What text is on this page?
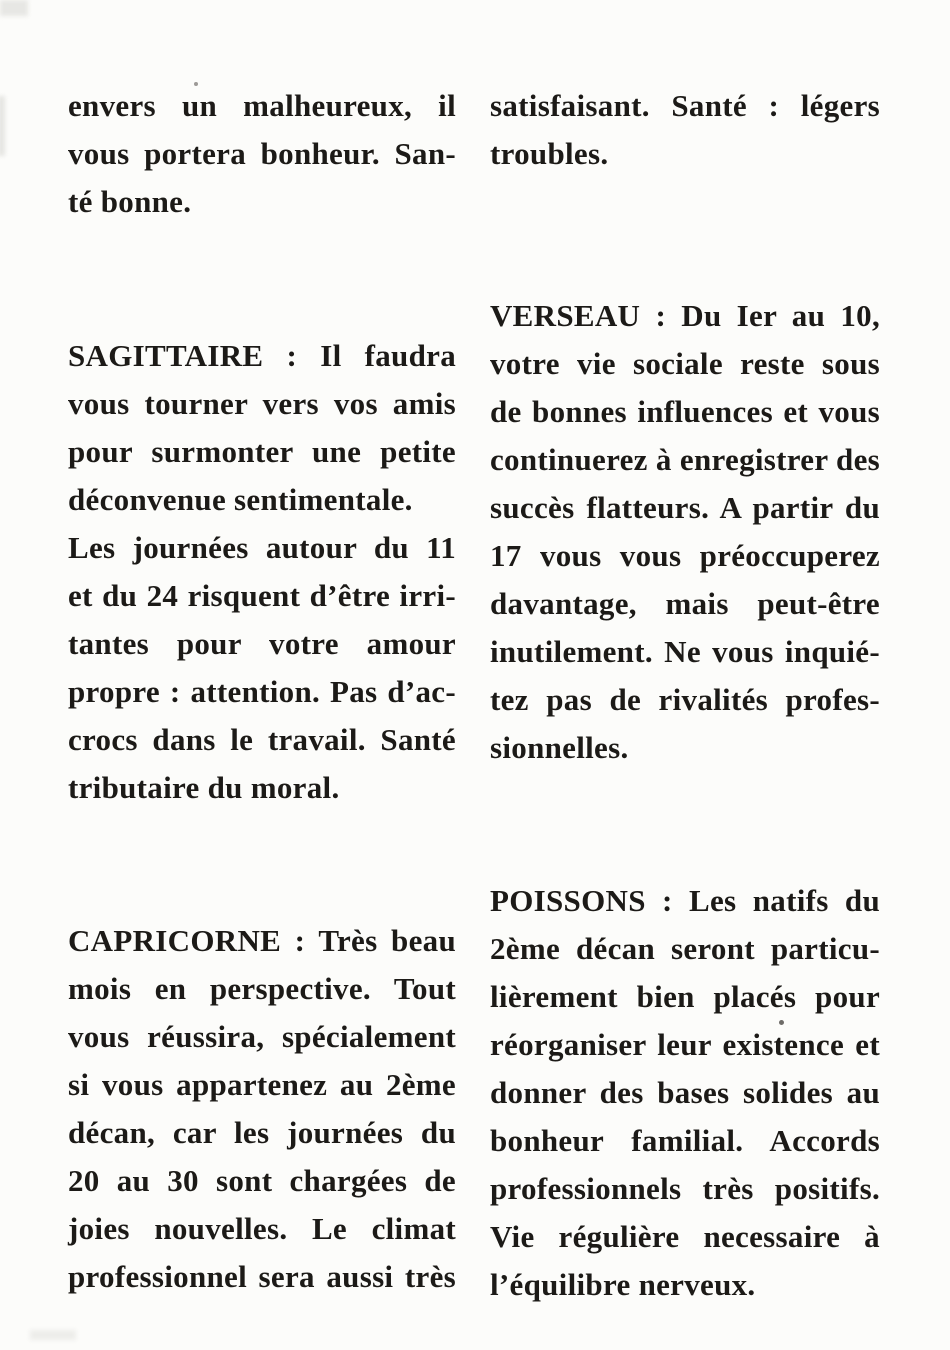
envers un malheureux, il
vous portera bonheur. San-
té bonne.
SAGITTAIRE : Il faudra
vous tourner vers vos amis
pour surmonter une petite
déconvenue sentimentale.
Les journées autour du 11
et du 24 risquent d’être irri-
tantes pour votre amour
propre : attention. Pas d’ac-
crocs dans le travail. Santé
tributaire du moral.
CAPRICORNE : Très beau
mois en perspective. Tout
vous réussira, spécialement
si vous appartenez au 2ème
décan, car les journées du
20 au 30 sont chargées de
joies nouvelles. Le climat
professionnel sera aussi très
satisfaisant. Santé : légers
troubles.
VERSEAU : Du Ier au 10,
votre vie sociale reste sous
de bonnes influences et vous
continuerez à enregistrer des
succès flatteurs. A partir du
17 vous vous préoccuperez
davantage, mais peut-être
inutilement. Ne vous inquié-
tez pas de rivalités profes-
sionnelles.
POISSONS : Les natifs du
2ème décan seront particu-
lièrement bien placés pour
réorganiser leur existence et
donner des bases solides au
bonheur familial. Accords
professionnels très positifs.
Vie régulière necessaire à
l’équilibre nerveux.
